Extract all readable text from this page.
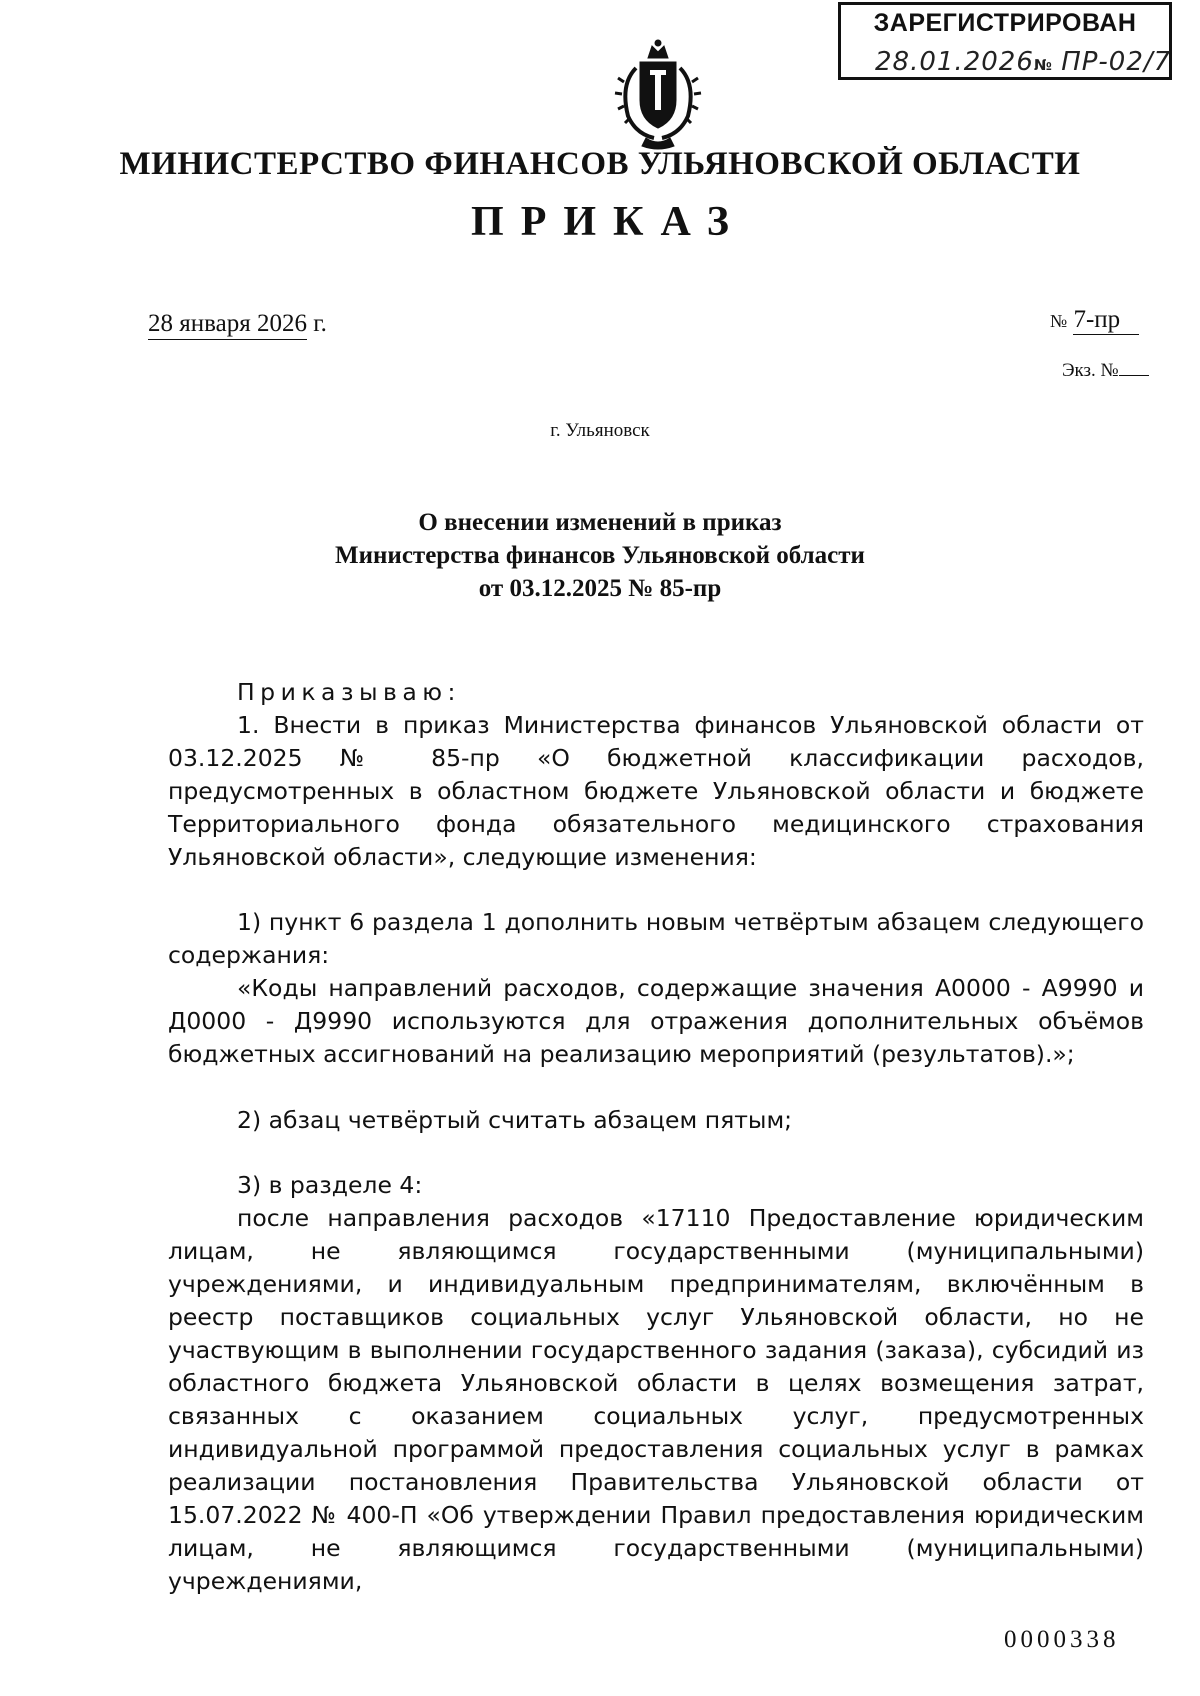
ЗАРЕГИСТРИРОВАН
28.01.2026№ ПР-02/7
МИНИСТЕРСТВО ФИНАНСОВ УЛЬЯНОВСКОЙ ОБЛАСТИ
ПРИКАЗ
28 января 2026 г.	№ 7-пр
Экз. №
г. Ульяновск
О внесении изменений в приказ
Министерства финансов Ульяновской области
от 03.12.2025 № 85-пр
Приказываю:
1. Внести в приказ Министерства финансов Ульяновской области от 03.12.2025 № 85-пр «О бюджетной классификации расходов, предусмотренных в областном бюджете Ульяновской области и бюджете Территориального фонда обязательного медицинского страхования Ульяновской области», следующие изменения:
1) пункт 6 раздела 1 дополнить новым четвёртым абзацем следующего содержания:
«Коды направлений расходов, содержащие значения А0000 - А9990 и Д0000 - Д9990 используются для отражения дополнительных объёмов бюджетных ассигнований на реализацию мероприятий (результатов).»;
2) абзац четвёртый считать абзацем пятым;
3) в разделе 4:
после направления расходов «17110 Предоставление юридическим лицам, не являющимся государственными (муниципальными) учреждениями, и индивидуальным предпринимателям, включённым в реестр поставщиков социальных услуг Ульяновской области, но не участвующим в выполнении государственного задания (заказа), субсидий из областного бюджета Ульяновской области в целях возмещения затрат, связанных с оказанием социальных услуг, предусмотренных индивидуальной программой предоставления социальных услуг в рамках реализации постановления Правительства Ульяновской области от 15.07.2022 № 400-П «Об утверждении Правил предоставления юридическим лицам, не являющимся государственными (муниципальными) учреждениями,
0000338
